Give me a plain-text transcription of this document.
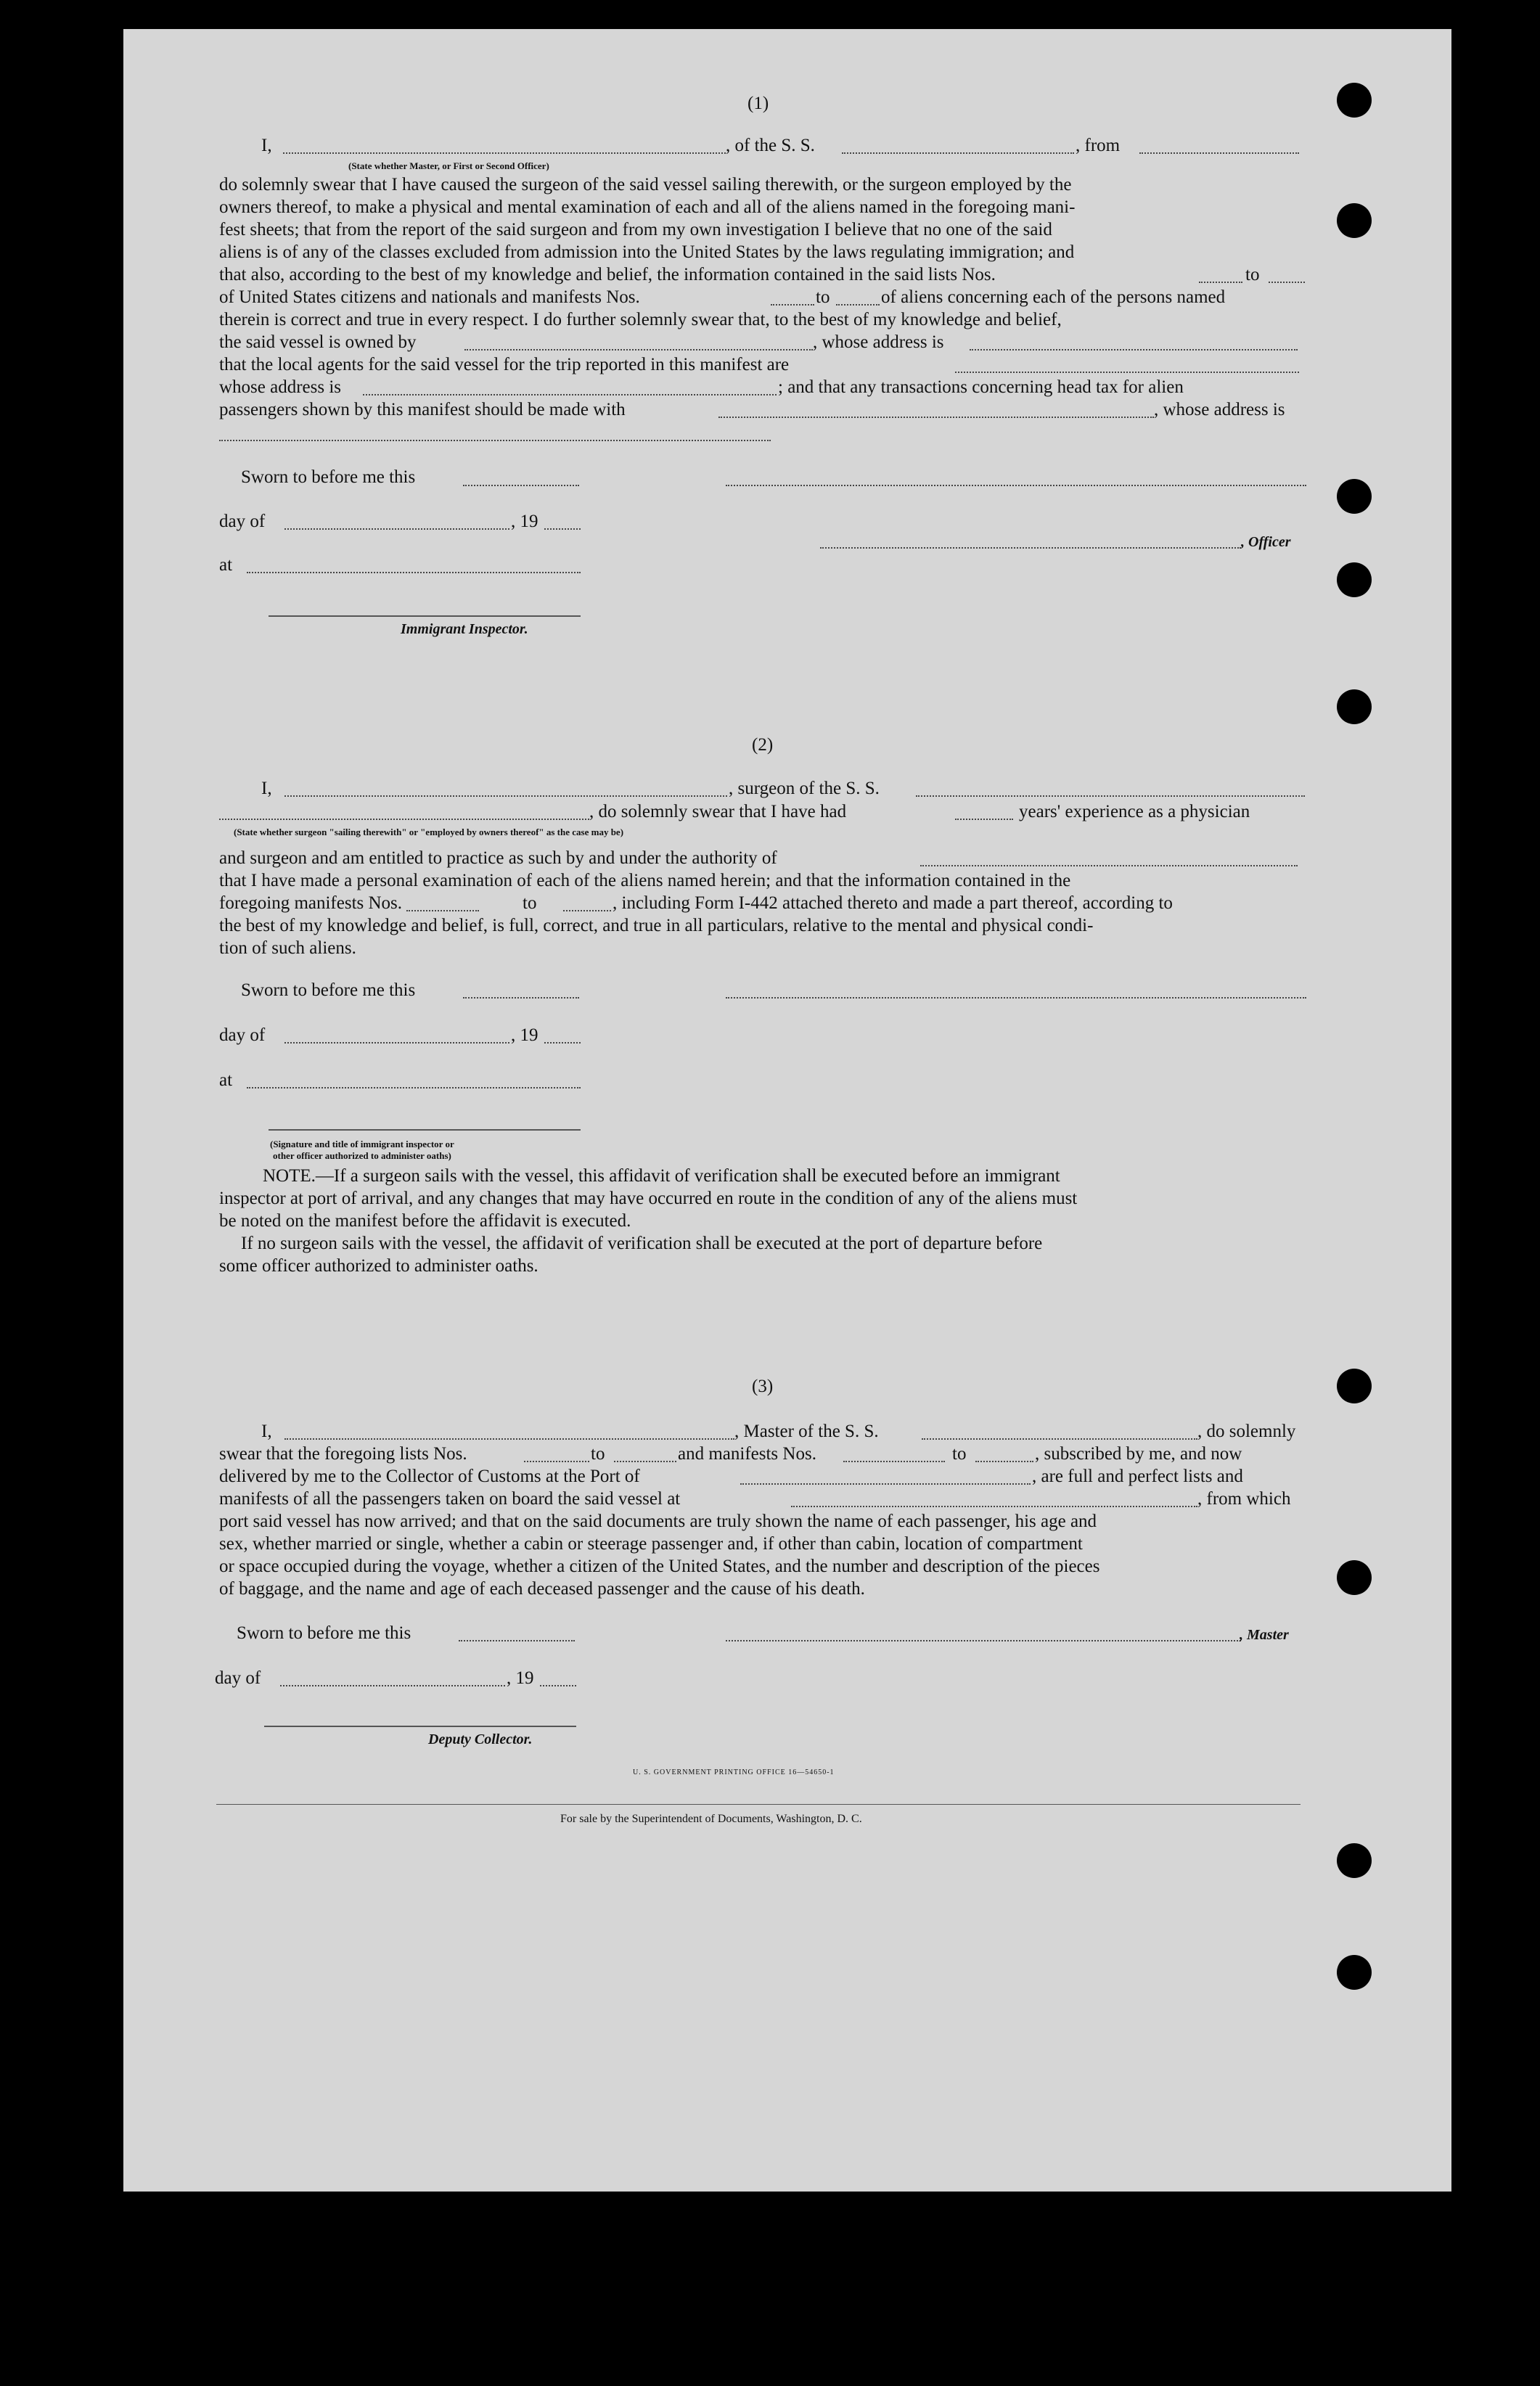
(1)
I,	, of the S. S.	, from
(State whether Master, or First or Second Officer)
do solemnly swear that I have caused the surgeon of the said vessel sailing therewith, or the surgeon employed by the
owners thereof, to make a physical and mental examination of each and all of the aliens named in the foregoing mani-
fest sheets; that from the report of the said surgeon and from my own investigation I believe that no one of the said
aliens is of any of the classes excluded from admission into the United States by the laws regulating immigration; and
that also, according to the best of my knowledge and belief, the information contained in the said lists Nos.	to
of United States citizens and nationals and manifests Nos.	to	of aliens concerning each of the persons named
therein is correct and true in every respect. I do further solemnly swear that, to the best of my knowledge and belief,
the said vessel is owned by	, whose address is
that the local agents for the said vessel for the trip reported in this manifest are
whose address is	; and that any transactions concerning head tax for alien
passengers shown by this manifest should be made with	, whose address is
Sworn to before me this
day of	, 19
, Officer
at
Immigrant Inspector.
(2)
I,	, surgeon of the S. S.
, do solemnly swear that I have had	years' experience as a physician
(State whether surgeon "sailing therewith" or "employed by owners thereof" as the case may be)
and surgeon and am entitled to practice as such by and under the authority of
that I have made a personal examination of each of the aliens named herein; and that the information contained in the
foregoing manifests Nos.	to	, including Form I-442 attached thereto and made a part thereof, according to
the best of my knowledge and belief, is full, correct, and true in all particulars, relative to the mental and physical condi-
tion of such aliens.
Sworn to before me this
day of	, 19
at
(Signature and title of immigrant inspector or
other officer authorized to administer oaths)
NOTE.—If a surgeon sails with the vessel, this affidavit of verification shall be executed before an immigrant
inspector at port of arrival, and any changes that may have occurred en route in the condition of any of the aliens must
be noted on the manifest before the affidavit is executed.
If no surgeon sails with the vessel, the affidavit of verification shall be executed at the port of departure before
some officer authorized to administer oaths.
(3)
I,	, Master of the S. S.	, do solemnly
swear that the foregoing lists Nos.	to	and manifests Nos.	to	, subscribed by me, and now
delivered by me to the Collector of Customs at the Port of	, are full and perfect lists and
manifests of all the passengers taken on board the said vessel at	, from which
port said vessel has now arrived; and that on the said documents are truly shown the name of each passenger, his age and
sex, whether married or single, whether a cabin or steerage passenger and, if other than cabin, location of compartment
or space occupied during the voyage, whether a citizen of the United States, and the number and description of the pieces
of baggage, and the name and age of each deceased passenger and the cause of his death.
Sworn to before me this	, Master
day of	, 19
Deputy Collector.
U. S. GOVERNMENT PRINTING OFFICE 16—54650-1
For sale by the Superintendent of Documents, Washington, D. C.
